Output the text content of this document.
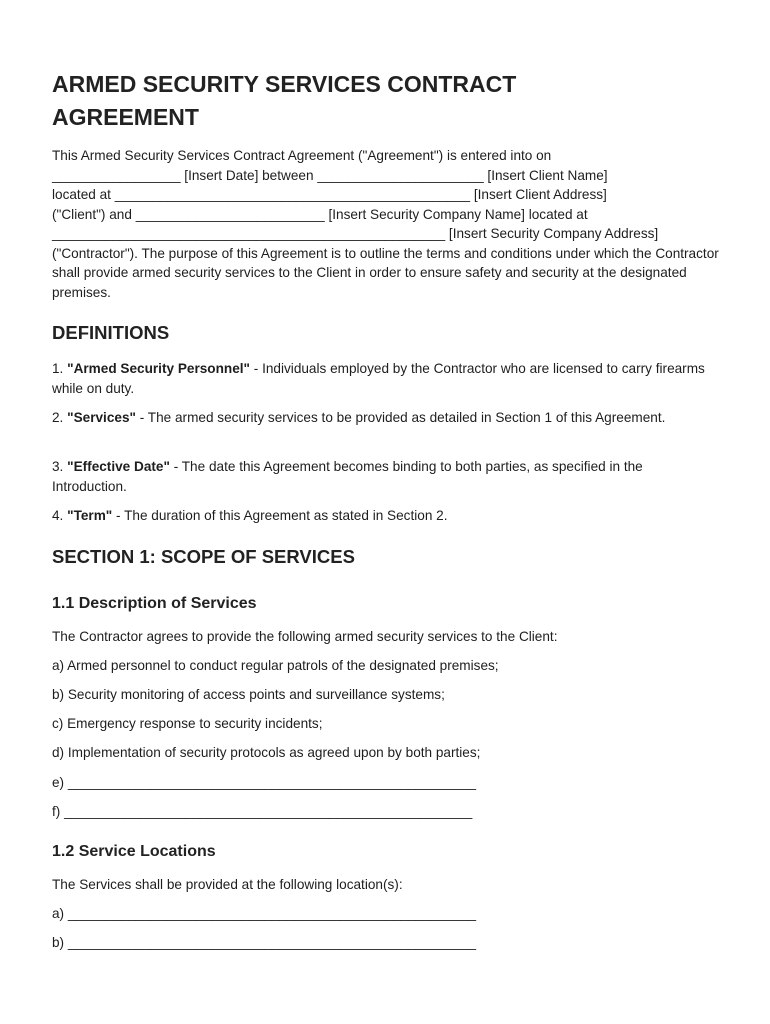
ARMED SECURITY SERVICES CONTRACT AGREEMENT

This Armed Security Services Contract Agreement ("Agreement") is entered into on
_________________ [Insert Date] between ______________________ [Insert Client Name]
located at _______________________________________________ [Insert Client Address]
("Client") and _________________________ [Insert Security Company Name] located at
____________________________________________________ [Insert Security Company Address]
("Contractor"). The purpose of this Agreement is to outline the terms and conditions under which the Contractor shall provide armed security services to the Client in order to ensure safety and security at the designated premises.

DEFINITIONS

1. "Armed Security Personnel" - Individuals employed by the Contractor who are licensed to carry firearms while on duty.

2. "Services" - The armed security services to be provided as detailed in Section 1 of this Agreement.

3. "Effective Date" - The date this Agreement becomes binding to both parties, as specified in the Introduction.

4. "Term" - The duration of this Agreement as stated in Section 2.

SECTION 1: SCOPE OF SERVICES
1.1 Description of Services

The Contractor agrees to provide the following armed security services to the Client:

a) Armed personnel to conduct regular patrols of the designated premises;

b) Security monitoring of access points and surveillance systems;

c) Emergency response to security incidents;

d) Implementation of security protocols as agreed upon by both parties;

e) ______________________________________________________

f) ______________________________________________________

1.2 Service Locations

The Services shall be provided at the following location(s):

a) ______________________________________________________

b) ______________________________________________________
